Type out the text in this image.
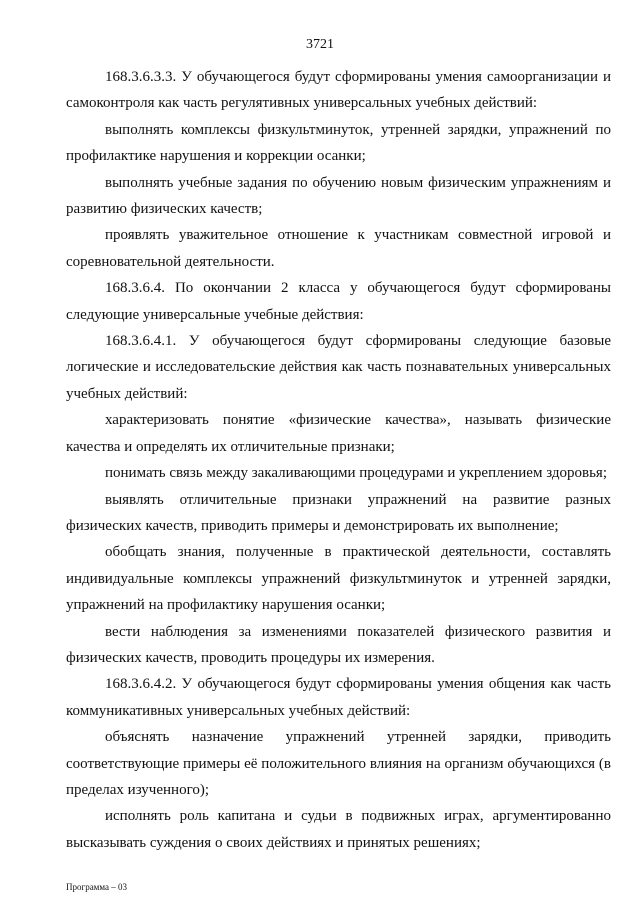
3721

168.3.6.3.3. У обучающегося будут сформированы умения самоорганизации и самоконтроля как часть регулятивных универсальных учебных действий:

выполнять комплексы физкультминуток, утренней зарядки, упражнений по профилактике нарушения и коррекции осанки;

выполнять учебные задания по обучению новым физическим упражнениям и развитию физических качеств;

проявлять уважительное отношение к участникам совместной игровой и соревновательной деятельности.

168.3.6.4. По окончании 2 класса у обучающегося будут сформированы следующие универсальные учебные действия:

168.3.6.4.1. У обучающегося будут сформированы следующие базовые логические и исследовательские действия как часть познавательных универсальных учебных действий:

характеризовать понятие «физические качества», называть физические качества и определять их отличительные признаки;

понимать связь между закаливающими процедурами и укреплением здоровья;

выявлять отличительные признаки упражнений на развитие разных физических качеств, приводить примеры и демонстрировать их выполнение;

обобщать знания, полученные в практической деятельности, составлять индивидуальные комплексы упражнений физкультминуток и утренней зарядки, упражнений на профилактику нарушения осанки;

вести наблюдения за изменениями показателей физического развития и физических качеств, проводить процедуры их измерения.

168.3.6.4.2. У обучающегося будут сформированы умения общения как часть коммуникативных универсальных учебных действий:

объяснять назначение упражнений утренней зарядки, приводить соответствующие примеры её положительного влияния на организм обучающихся (в пределах изученного);

исполнять роль капитана и судьи в подвижных играх, аргументированно высказывать суждения о своих действиях и принятых решениях;

Программа – 03
